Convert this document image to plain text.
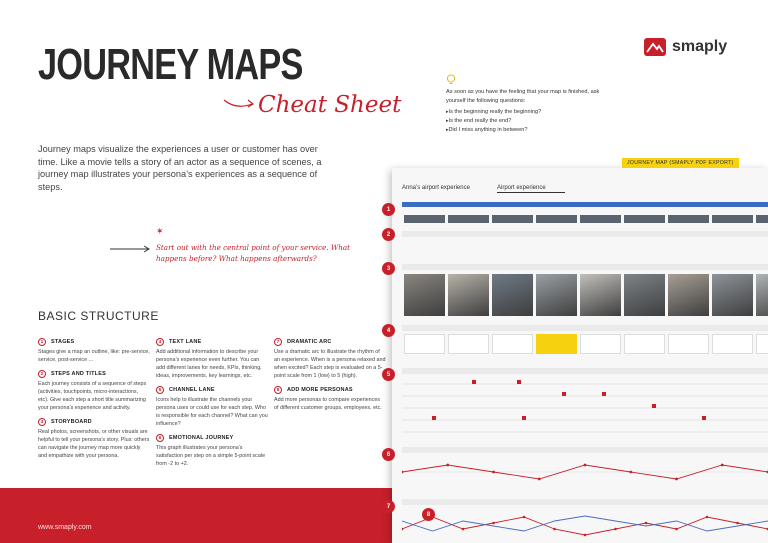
JOURNEY MAPS
Cheat Sheet
smaply
As soon as you have the feeling that your map is finished, ask yourself the following questions:
▸ Is the beginning really the beginning?
▸ Is the end really the end?
▸ Did I miss anything in between?
Journey maps visualize the experiences a user or customer has over time. Like a movie tells a story of an actor as a sequence of scenes, a journey map illustrates your persona’s experiences as a sequence of steps.
✶
Start out with the central point of your service. What happens before? What happens afterwards?
BASIC STRUCTURE
1	STAGES
Stages give a map an outline, like: pre-service, service, post-service ...
2	STEPS AND TITLES
Each journey consists of a sequence of steps (activities, touchpoints, micro-interactions, etc). Give each step a short title summarizing your persona’s experience and activity.
3	STORYBOARD
Real photos, screenshots, or other visuals are helpful to tell your persona’s story. Plus: others can navigate the journey map more quickly and empathize with your persona.
4	TEXT LANE
Add additional information to describe your persona’s experience even further. You can add different lanes for needs, KPIs, thinking, ideas, improvements, key learnings, etc.
5	CHANNEL LANE
Icons help to illustrate the channels your persona uses or could use for each step. Who is responsible for each channel? What can you influence?
6	EMOTIONAL JOURNEY
This graph illustrates your persona’s satisfaction per step on a simple 5-point scale from -2 to +2.
7	DRAMATIC ARC
Use a dramatic arc to illustrate the rhythm of an experience. When is a persona relaxed and when excited? Each step is evaluated on a 5-point scale from 1 (low) to 5 (high).
8	ADD MORE PERSONAS
Add more personas to compare experiences of different customer groups, employees, etc.
www.smaply.com
Anna’s airport experience	Airport experience
JOURNEY MAP (SMAPLY PDF EXPORT)
1
2
3
4
5
6
7
8
